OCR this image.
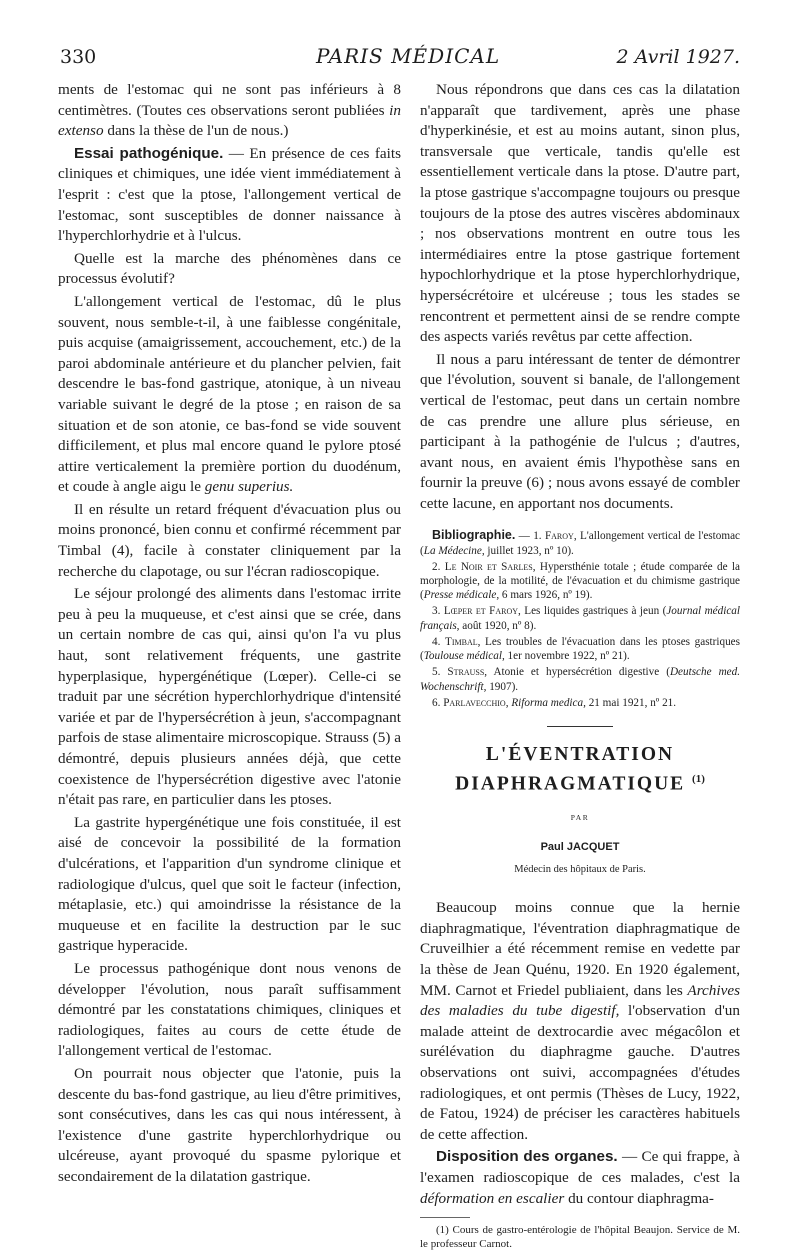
330	PARIS MÉDICAL	2 Avril 1927.

ments de l'estomac qui ne sont pas inférieurs à 8 centimètres. (Toutes ces observations seront publiées in extenso dans la thèse de l'un de nous.)

Essai pathogénique. — En présence de ces faits cliniques et chimiques, une idée vient immédiatement à l'esprit : c'est que la ptose, l'allongement vertical de l'estomac, sont susceptibles de donner naissance à l'hyperchlorhydrie et à l'ulcus.

Quelle est la marche des phénomènes dans ce processus évolutif?

L'allongement vertical de l'estomac, dû le plus souvent, nous semble-t-il, à une faiblesse congénitale, puis acquise (amaigrissement, accouchement, etc.) de la paroi abdominale antérieure et du plancher pelvien, fait descendre le bas-fond gastrique, atonique, à un niveau variable suivant le degré de la ptose ; en raison de sa situation et de son atonie, ce bas-fond se vide souvent difficilement, et plus mal encore quand le pylore ptosé attire verticalement la première portion du duodénum, et coude à angle aigu le genu superius.

Il en résulte un retard fréquent d'évacuation plus ou moins prononcé, bien connu et confirmé récemment par Timbal (4), facile à constater cliniquement par la recherche du clapotage, ou sur l'écran radioscopique.

Le séjour prolongé des aliments dans l'estomac irrite peu à peu la muqueuse, et c'est ainsi que se crée, dans un certain nombre de cas qui, ainsi qu'on l'a vu plus haut, sont relativement fréquents, une gastrite hyperplasique, hypergénétique (Lœper). Celle-ci se traduit par une sécrétion hyperchlorhydrique d'intensité variée et par de l'hypersécrétion à jeun, s'accompagnant parfois de stase alimentaire microscopique. Strauss (5) a démontré, depuis plusieurs années déjà, que cette coexistence de l'hypersécrétion digestive avec l'atonie n'était pas rare, en particulier dans les ptoses.

La gastrite hypergénétique une fois constituée, il est aisé de concevoir la possibilité de la formation d'ulcérations, et l'apparition d'un syndrome clinique et radiologique d'ulcus, quel que soit le facteur (infection, métaplasie, etc.) qui amoindrisse la résistance de la muqueuse et en facilite la destruction par le suc gastrique hyperacide.

Le processus pathogénique dont nous venons de développer l'évolution, nous paraît suffisamment démontré par les constatations chimiques, cliniques et radiologiques, faites au cours de cette étude de l'allongement vertical de l'estomac.

On pourrait nous objecter que l'atonie, puis la descente du bas-fond gastrique, au lieu d'être primitives, sont consécutives, dans les cas qui nous intéressent, à l'existence d'une gastrite hyperchlorhydrique ou ulcéreuse, ayant provoqué du spasme pylorique et secondairement de la dilatation gastrique.

Nous répondrons que dans ces cas la dilatation n'apparaît que tardivement, après une phase d'hyperkinésie, et est au moins autant, sinon plus, transversale que verticale, tandis qu'elle est essentiellement verticale dans la ptose. D'autre part, la ptose gastrique s'accompagne toujours ou presque toujours de la ptose des autres viscères abdominaux ; nos observations montrent en outre tous les intermédiaires entre la ptose gastrique fortement hypochlorhydrique et la ptose hyperchlorhydrique, hypersécrétoire et ulcéreuse ; tous les stades se rencontrent et permettent ainsi de se rendre compte des aspects variés revêtus par cette affection.

Il nous a paru intéressant de tenter de démontrer que l'évolution, souvent si banale, de l'allongement vertical de l'estomac, peut dans un certain nombre de cas prendre une allure plus sérieuse, en participant à la pathogénie de l'ulcus ; d'autres, avant nous, en avaient émis l'hypothèse sans en fournir la preuve (6) ; nous avons essayé de combler cette lacune, en apportant nos documents.

Bibliographie. — 1. Faroy, L'allongement vertical de l'estomac (La Médecine, juillet 1923, nº 10).

2. Le Noir et Sarles, Hypersthénie totale ; étude comparée de la morphologie, de la motilité, de l'évacuation et du chimisme gastrique (Presse médicale, 6 mars 1926, nº 19).

3. Lœper et Faroy, Les liquides gastriques à jeun (Journal médical français, août 1920, nº 8).

4. Timbal, Les troubles de l'évacuation dans les ptoses gastriques (Toulouse médical, 1er novembre 1922, nº 21).

5. Strauss, Atonie et hypersécrétion digestive (Deutsche med. Wochenschrift, 1907).

6. Parlavecchio, Riforma medica, 21 mai 1921, nº 21.

L'ÉVENTRATION
DIAPHRAGMATIQUE $^{(1)}$
PAR
Paul JACQUET
Médecin des hôpitaux de Paris.

Beaucoup moins connue que la hernie diaphragmatique, l'éventration diaphragmatique de Cruveilhier a été récemment remise en vedette par la thèse de Jean Quénu, 1920. En 1920 également, MM. Carnot et Friedel publiaient, dans les Archives des maladies du tube digestif, l'observation d'un malade atteint de dextrocardie avec mégacôlon et surélévation du diaphragme gauche. D'autres observations ont suivi, accompagnées d'études radiologiques, et ont permis (Thèses de Lucy, 1922, de Fatou, 1924) de préciser les caractères habituels de cette affection.

Disposition des organes. — Ce qui frappe, à l'examen radioscopique de ces malades, c'est la déformation en escalier du contour diaphragma-

(1) Cours de gastro-entérologie de l'hôpital Beaujon. Service de M. le professeur Carnot.
